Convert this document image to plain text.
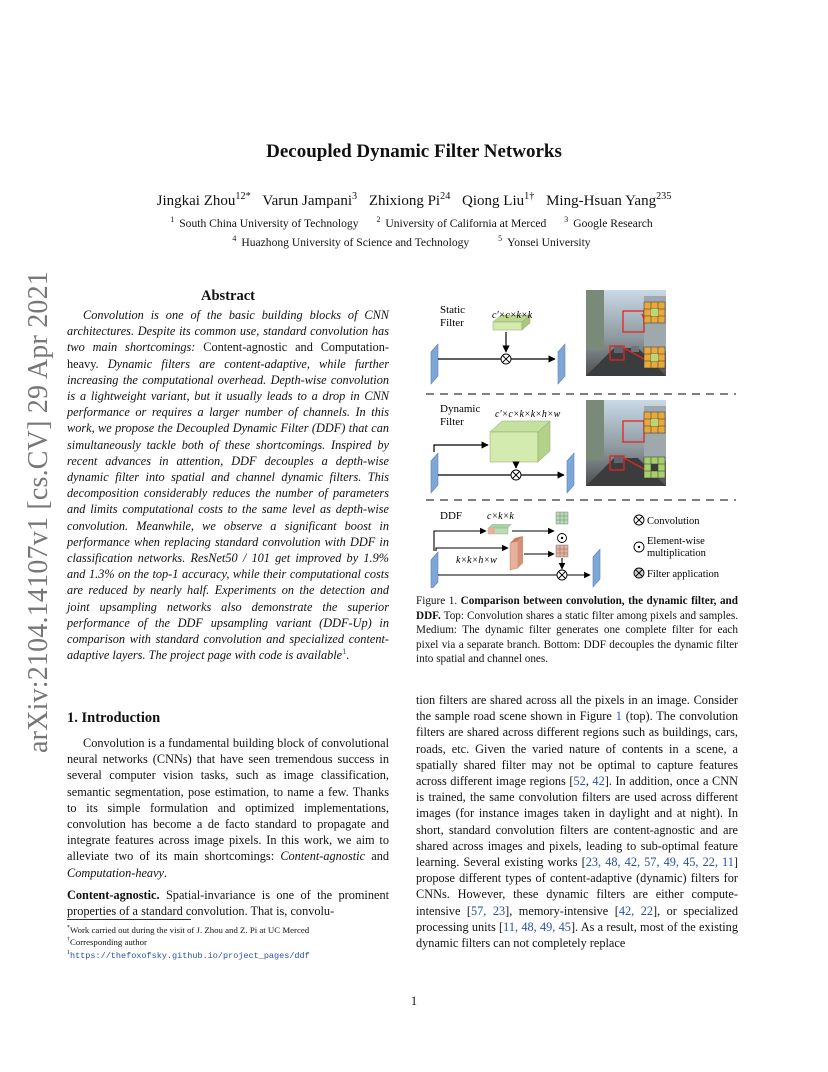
arXiv:2104.14107v1 [cs.CV] 29 Apr 2021
Decoupled Dynamic Filter Networks
Jingkai Zhou$^{12*}$ Varun Jampani$^3$ Zhixiong Pi$^{24}$ Qiong Liu$^{1\dagger}$ Ming-Hsuan Yang$^{235}$
$^1$ South China University of Technology $^2$ University of California at Merced $^3$ Google Research
$^4$ Huazhong University of Science and Technology	$^5$ Yonsei University
Abstract

Convolution is one of the basic building blocks of CNN architectures. Despite its common use, standard convolution has two main shortcomings: Content-agnostic and Computation-heavy. Dynamic filters are content-adaptive, while further increasing the computational overhead. Depth-wise convolution is a lightweight variant, but it usually leads to a drop in CNN performance or requires a larger number of channels. In this work, we propose the Decoupled Dynamic Filter (DDF) that can simultaneously tackle both of these shortcomings. Inspired by recent advances in attention, DDF decouples a depth-wise dynamic filter into spatial and channel dynamic filters. This decomposition considerably reduces the number of parameters and limits computational costs to the same level as depth-wise convolution. Meanwhile, we observe a significant boost in performance when replacing standard convolution with DDF in classification networks. ResNet50 / 101 get improved by 1.9% and 1.3% on the top-1 accuracy, while their computational costs are reduced by nearly half. Experiments on the detection and joint upsampling networks also demonstrate the superior performance of the DDF upsampling variant (DDF-Up) in comparison with standard convolution and specialized content-adaptive layers. The project page with code is available$^1$.

1. Introduction

Convolution is a fundamental building block of convolutional neural networks (CNNs) that have seen tremendous success in several computer vision tasks, such as image classification, semantic segmentation, pose estimation, to name a few. Thanks to its simple formulation and optimized implementations, convolution has become a de facto standard to propagate and integrate features across image pixels. In this work, we aim to alleviate two of its main shortcomings: Content-agnostic and Computation-heavy.

Content-agnostic. Spatial-invariance is one of the prominent properties of a standard convolution. That is, convolu-

*Work carried out during the visit of J. Zhou and Z. Pi at UC Merced
†Corresponding author
$^1$https://thefoxofsky.github.io/project_pages/ddf
Static
Filter
c′×c×k×k
Dynamic
Filter
c′×c×k×k×h×w
DDF c×k×k
k×k×h×w
Convolution
Element-wise
multiplication
Filter application
Figure 1. Comparison between convolution, the dynamic filter, and DDF. Top: Convolution shares a static filter among pixels and samples. Medium: The dynamic filter generates one complete filter for each pixel via a separate branch. Bottom: DDF decouples the dynamic filter into spatial and channel ones.

tion filters are shared across all the pixels in an image. Consider the sample road scene shown in Figure 1 (top). The convolution filters are shared across different regions such as buildings, cars, roads, etc. Given the varied nature of contents in a scene, a spatially shared filter may not be optimal to capture features across different image regions [52, 42]. In addition, once a CNN is trained, the same convolution filters are used across different images (for instance images taken in daylight and at night). In short, standard convolution filters are content-agnostic and are shared across images and pixels, leading to sub-optimal feature learning. Several existing works [23, 48, 42, 57, 49, 45, 22, 11] propose different types of content-adaptive (dynamic) filters for CNNs. However, these dynamic filters are either compute-intensive [57, 23], memory-intensive [42, 22], or specialized processing units [11, 48, 49, 45]. As a result, most of the existing dynamic filters can not completely replace

1
